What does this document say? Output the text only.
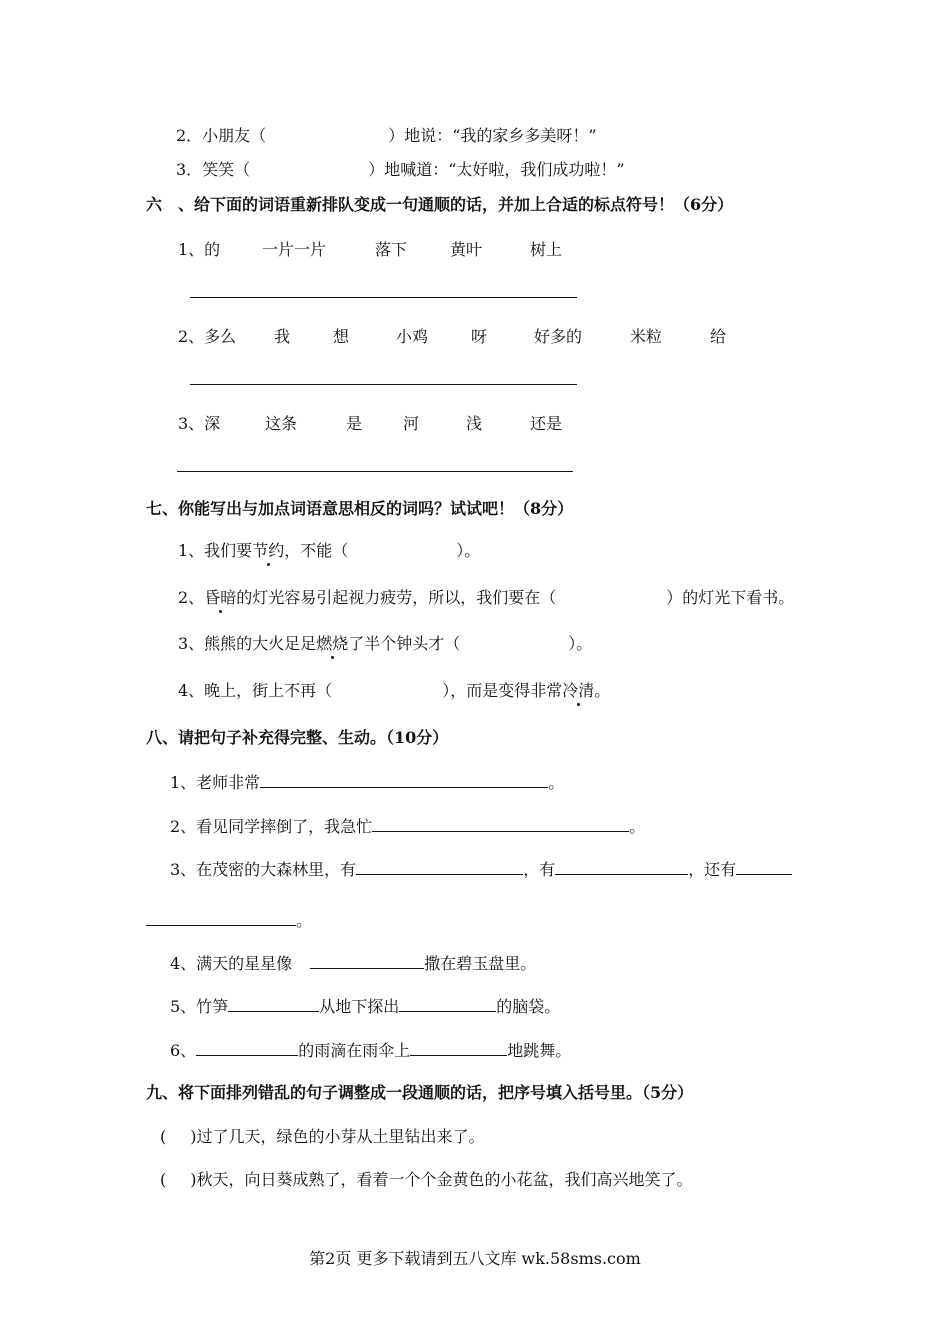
2．小朋友（	）地说：“我的家乡多美呀！”
3．笑笑（	）地喊道：“太好啦，我们成功啦！”
六　、给下面的词语重新排队变成一句通顺的话，并加上合适的标点符号！（6分）
1、的	一片一片	落下	黄叶	树上
2、多么 我	想	小鸡	呀	好多的	米粒	给
3、深	这条	是	河	浅	还是
七、你能写出与加点词语意思相反的词吗？试试吧！（8分）
1、我们要节约，不能（	）。
2、昏暗的灯光容易引起视力疲劳，所以，我们要在（	）的灯光下看书。
3、熊熊的大火足足燃烧了半个钟头才（	）。
4、晚上，街上不再（	），而是变得非常冷清。
八、请把句子补充得完整、生动。（10分）
1、老师非常	。
2、看见同学摔倒了，我急忙	。
3、在茂密的大森林里，有	，有	，还有
。
4、满天的星星像	撒在碧玉盘里。
5、竹笋	从地下探出	的脑袋。
6、	的雨滴在雨伞上	地跳舞。
九、将下面排列错乱的句子调整成一段通顺的话，把序号填入括号里。（5分）
( )过了几天，绿色的小芽从土里钻出来了。
( )秋天，向日葵成熟了，看着一个个金黄色的小花盆，我们高兴地笑了。
第2页 更多下载请到五八文库 wk.58sms.com
